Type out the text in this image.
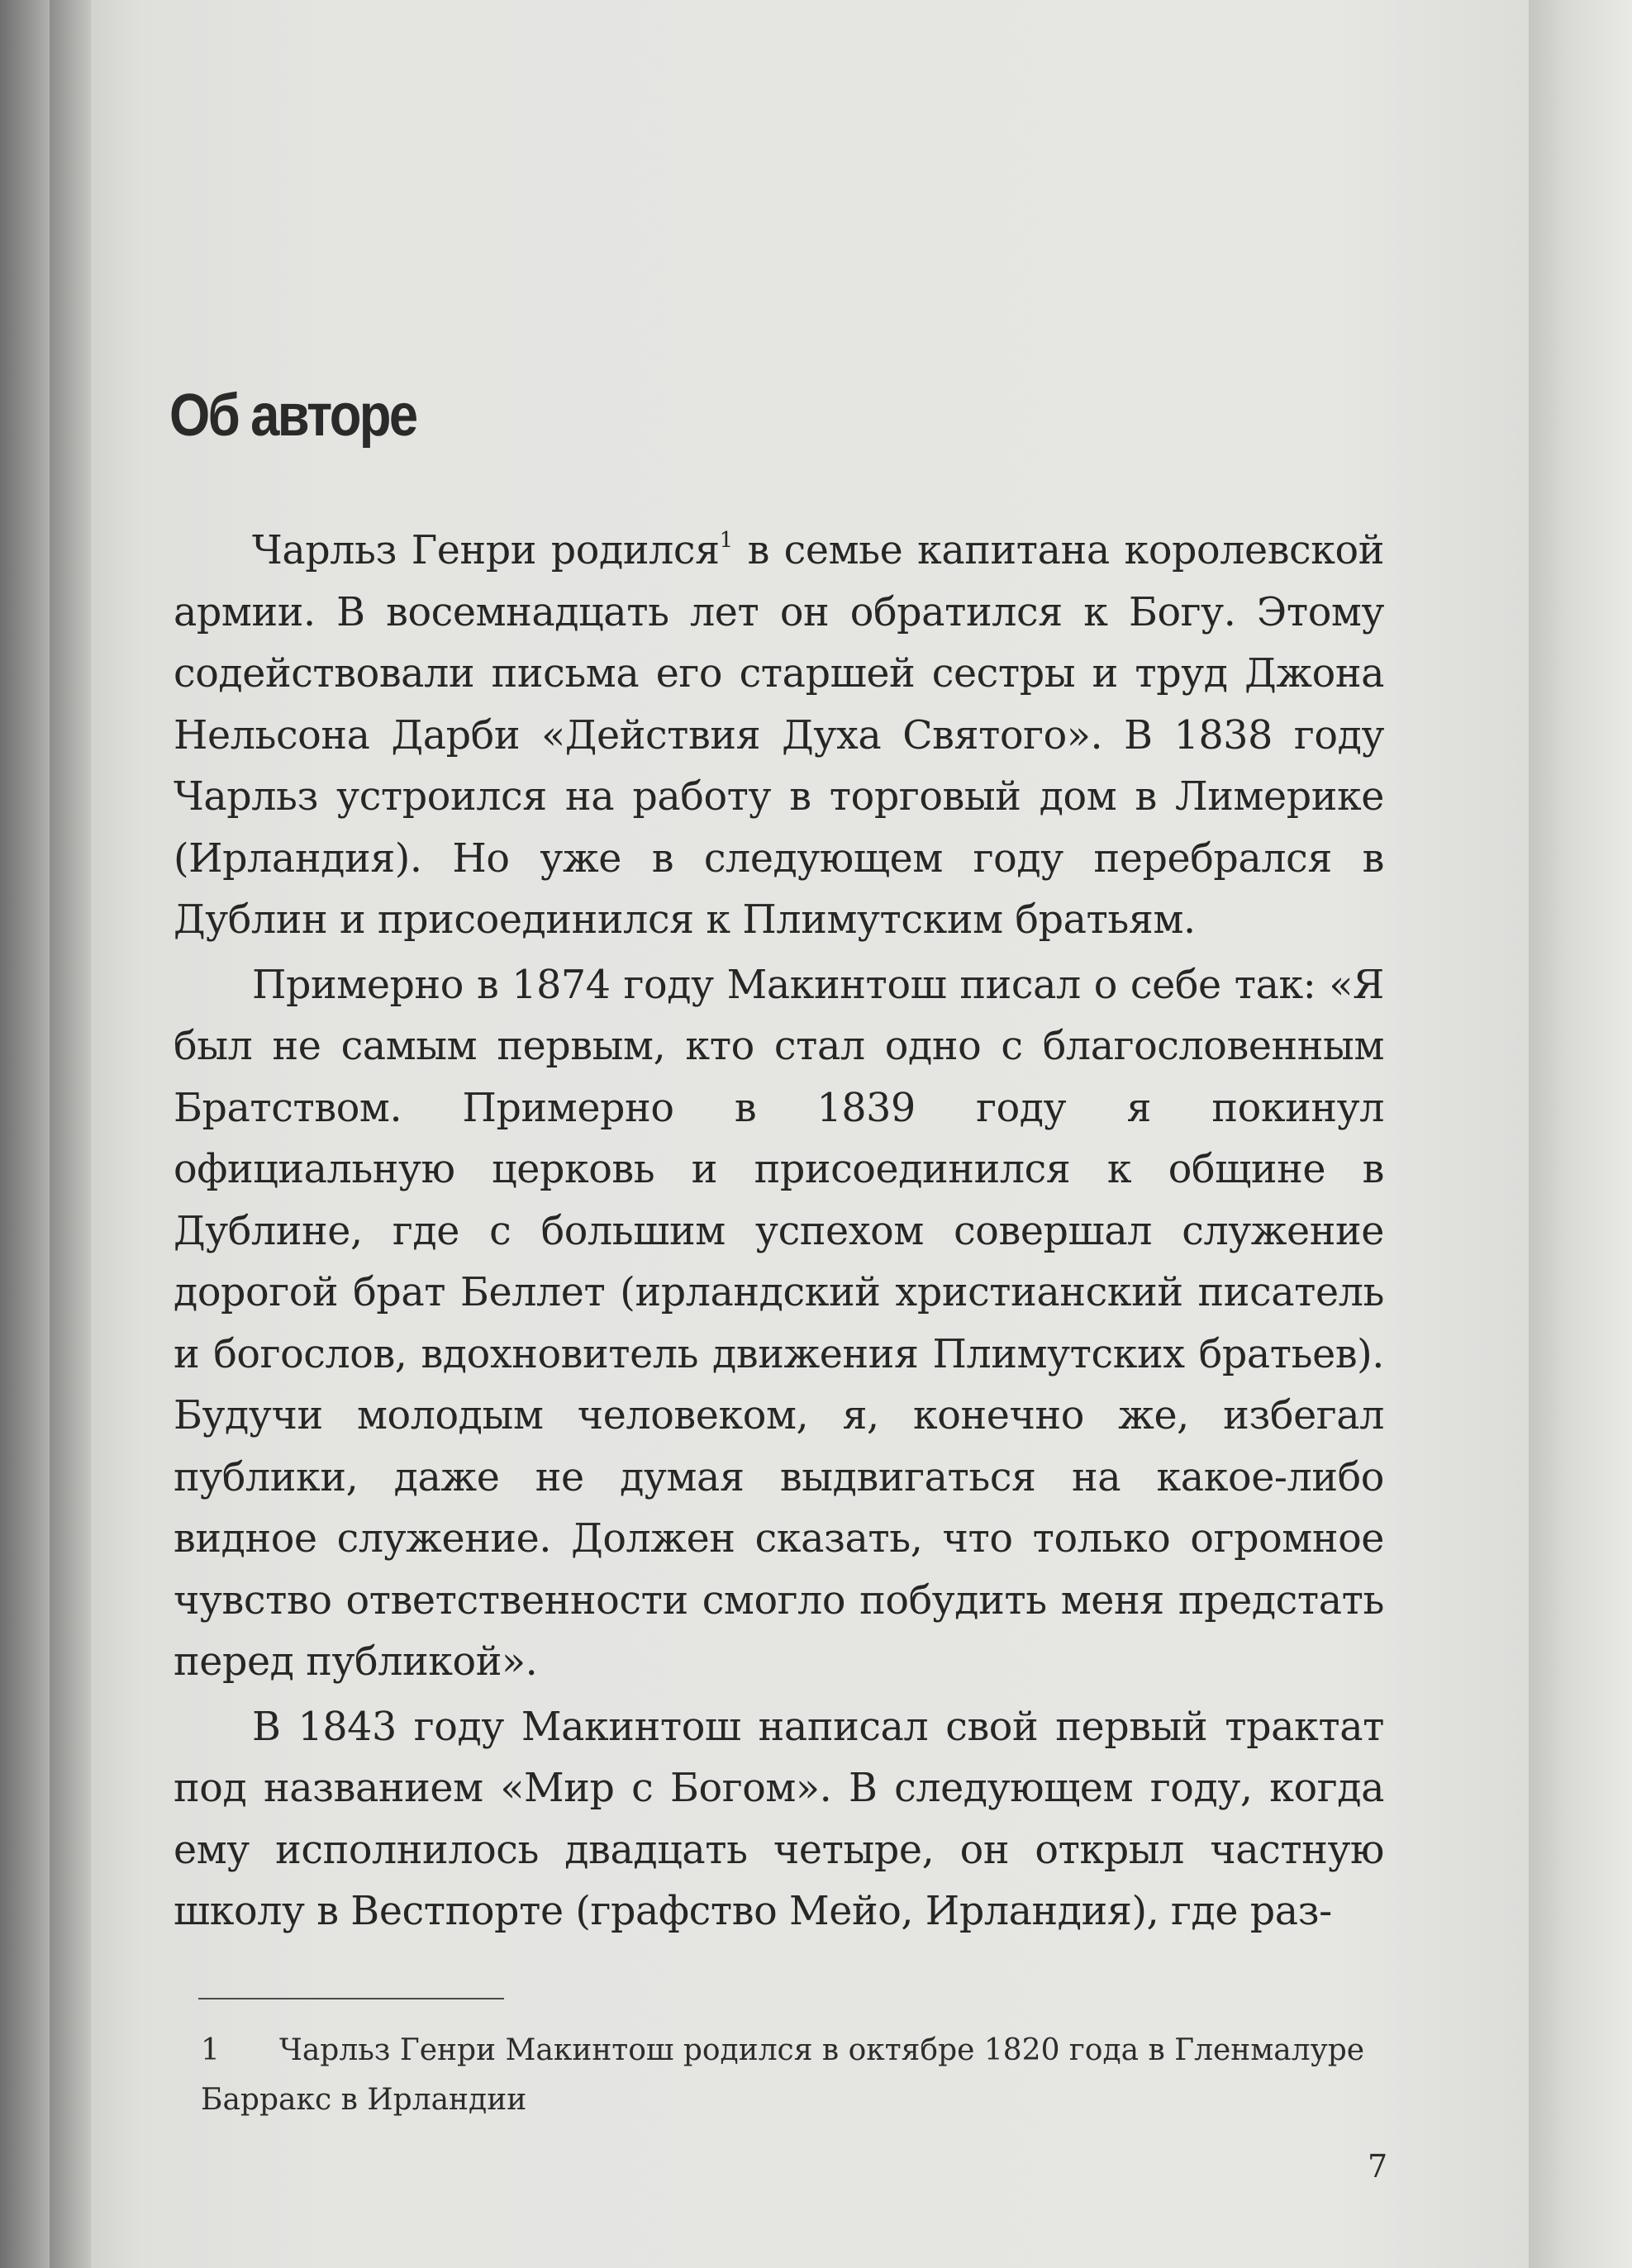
Об авторе

Чарльз Генри родился$^1$ в семье капитана королевской армии. В восемнадцать лет он обратился к Богу. Этому содействовали письма его старшей сестры и труд Джона Нельсона Дарби «Действия Духа Святого». В 1838 году Чарльз устроился на работу в торговый дом в Лимерике (Ирландия). Но уже в следующем году перебрался в Дублин и присоединился к Плимутским братьям.

Примерно в 1874 году Макинтош писал о себе так: «Я был не самым первым, кто стал одно с благословенным Братством. Примерно в 1839 году я покинул официальную церковь и присоединился к общине в Дублине, где с большим успехом совершал служение дорогой брат Беллет (ирландский христианский писатель и богослов, вдохновитель движения Плимутских братьев). Будучи молодым человеком, я, конечно же, избегал публики, даже не думая выдвигаться на какое-либо видное служение. Должен сказать, что только огромное чувство ответственности смогло побудить меня предстать перед публикой».

В 1843 году Макинтош написал свой первый трактат под названием «Мир с Богом». В следующем году, когда ему исполнилось двадцать четыре, он открыл частную школу в Вестпорте (графство Мейо, Ирландия), где раз-

1 Чарльз Генри Макинтош родился в октябре 1820 года в Гленмалуре Барракс в Ирландии
7
